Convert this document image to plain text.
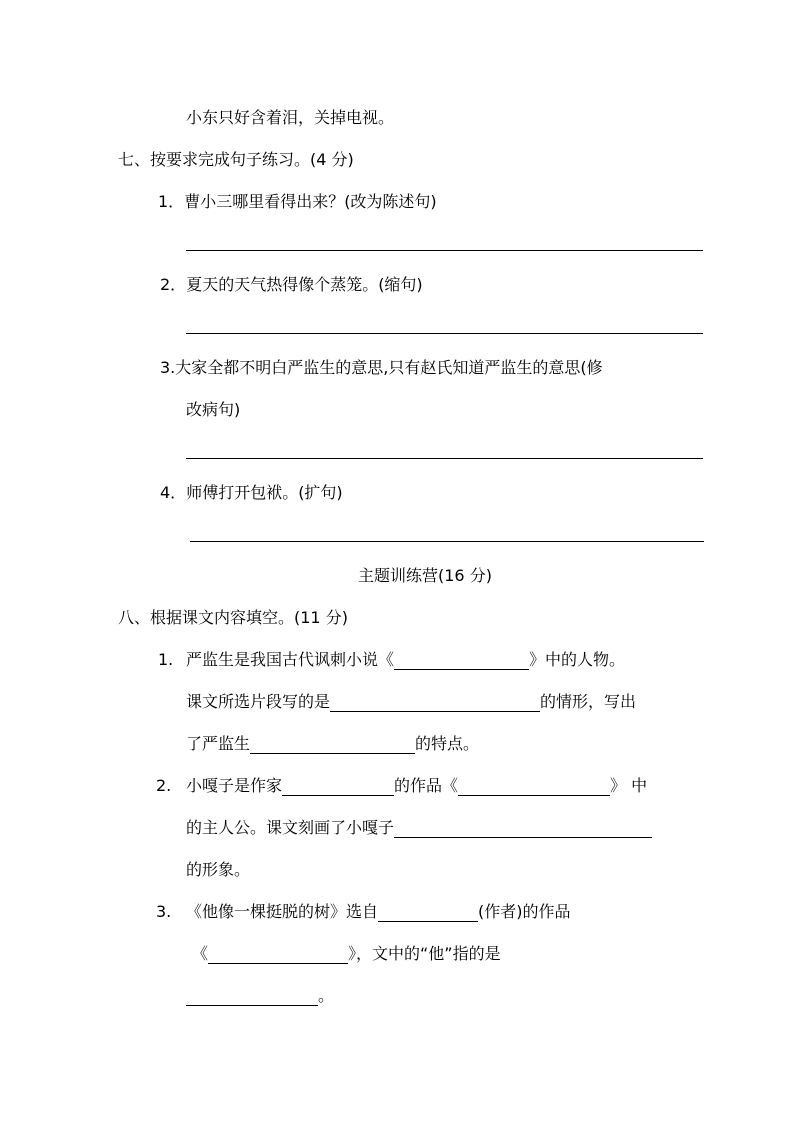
小东只好含着泪，关掉电视。
七、按要求完成句子练习。(4 分)
1．曹小三哪里看得出来？(改为陈述句)
2．夏天的天气热得像个蒸笼。(缩句)
3.大家全都不明白严监生的意思,只有赵氏知道严监生的意思(修
改病句)
4．师傅打开包袱。(扩句)
主题训练营(16 分)
八、根据课文内容填空。(11 分)
1. 严监生是我国古代讽刺小说《	》中的人物。
课文所选片段写的是	的情形，写出
了严监生	的特点。
2. 小嘎子是作家	的作品《	》 中
的主人公。课文刻画了小嘎子
的形象。
3. 《他像一棵挺脱的树》选自	(作者)的作品
《	》，文中的“他”指的是
。
